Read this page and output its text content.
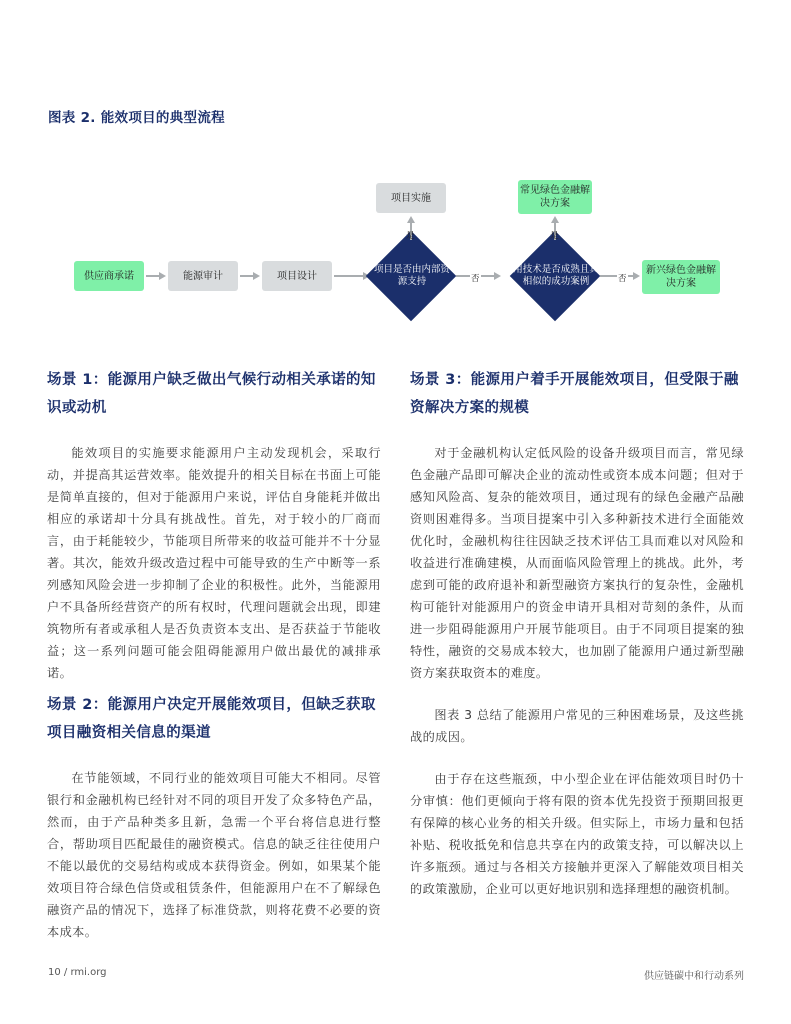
图表 2. 能效项目的典型流程
供应商承诺	能源审计	项目设计
项目是否由内部资源支持
是
项目实施
否
所用技术是否成熟且具有相似的成功案例
是
常见绿色金融解决方案
否
新兴绿色金融解决方案
场景 1：能源用户缺乏做出气候行动相关承诺的知识或动机

能效项目的实施要求能源用户主动发现机会，采取行动，并提高其运营效率。能效提升的相关目标在书面上可能是简单直接的，但对于能源用户来说，评估自身能耗并做出相应的承诺却十分具有挑战性。首先，对于较小的厂商而言，由于耗能较少，节能项目所带来的收益可能并不十分显著。其次，能效升级改造过程中可能导致的生产中断等一系列感知风险会进一步抑制了企业的积极性。此外，当能源用户不具备所经营资产的所有权时，代理问题就会出现，即建筑物所有者或承租人是否负责资本支出、是否获益于节能收益；这一系列问题可能会阻碍能源用户做出最优的减排承诺。

场景 2：能源用户决定开展能效项目，但缺乏获取项目融资相关信息的渠道

在节能领域，不同行业的能效项目可能大不相同。尽管银行和金融机构已经针对不同的项目开发了众多特色产品，然而，由于产品种类多且新，急需一个平台将信息进行整合，帮助项目匹配最佳的融资模式。信息的缺乏往往使用户不能以最优的交易结构或成本获得资金。例如，如果某个能效项目符合绿色信贷或租赁条件，但能源用户在不了解绿色融资产品的情况下，选择了标准贷款，则将花费不必要的资本成本。

场景 3：能源用户着手开展能效项目，但受限于融资解决方案的规模

对于金融机构认定低风险的设备升级项目而言，常见绿色金融产品即可解决企业的流动性或资本成本问题；但对于感知风险高、复杂的能效项目，通过现有的绿色金融产品融资则困难得多。当项目提案中引入多种新技术进行全面能效优化时，金融机构往往因缺乏技术评估工具而难以对风险和收益进行准确建模，从而面临风险管理上的挑战。此外，考虑到可能的政府退补和新型融资方案执行的复杂性，金融机构可能针对能源用户的资金申请开具相对苛刻的条件，从而进一步阻碍能源用户开展节能项目。由于不同项目提案的独特性，融资的交易成本较大，也加剧了能源用户通过新型融资方案获取资本的难度。

图表 3 总结了能源用户常见的三种困难场景，及这些挑战的成因。

由于存在这些瓶颈，中小型企业在评估能效项目时仍十分审慎：他们更倾向于将有限的资本优先投资于预期回报更有保障的核心业务的相关升级。但实际上，市场力量和包括补贴、税收抵免和信息共享在内的政策支持，可以解决以上许多瓶颈。通过与各相关方接触并更深入了解能效项目相关的政策激励，企业可以更好地识别和选择理想的融资机制。

10 / rmi.org	供应链碳中和行动系列
